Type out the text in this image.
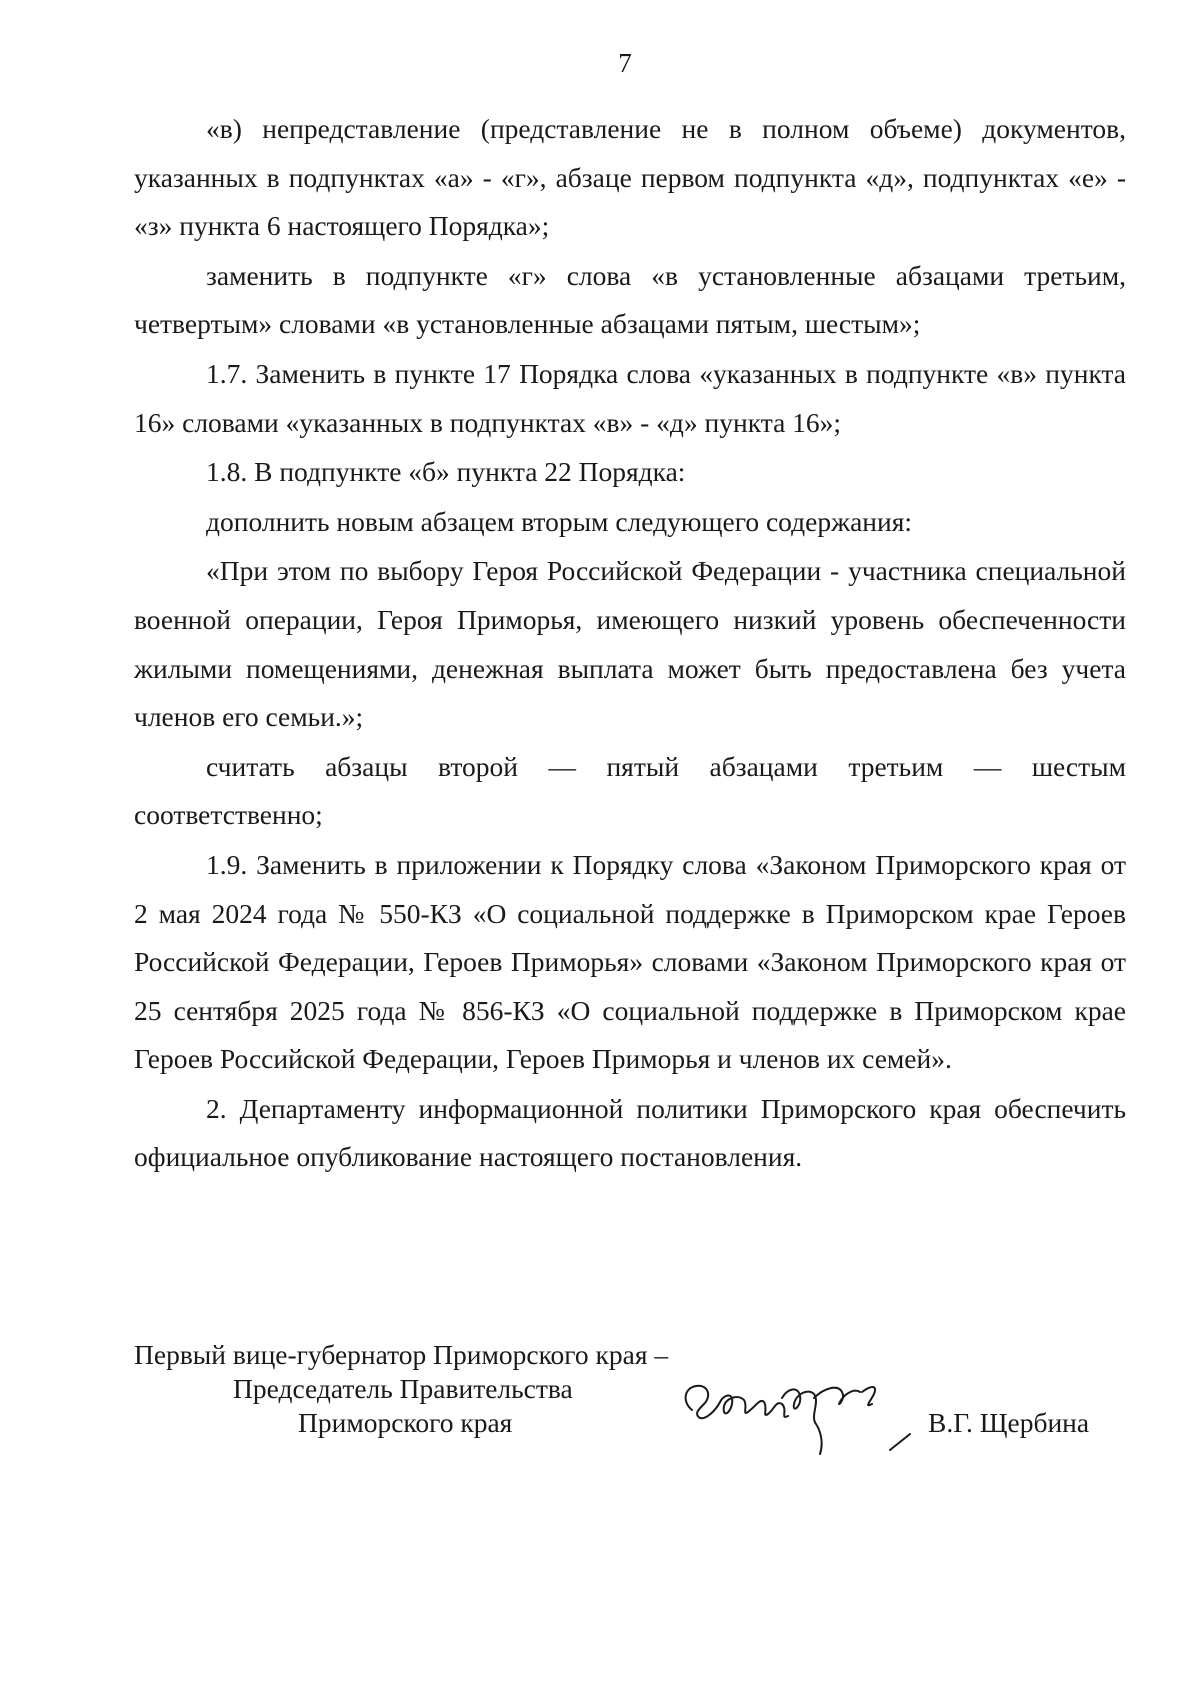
7

«в) непредставление (представление не в полном объеме) документов, указанных в подпунктах «а» - «г», абзаце первом подпункта «д», подпунктах «е» - «з» пункта 6 настоящего Порядка»;

заменить в подпункте «г» слова «в установленные абзацами третьим, четвертым» словами «в установленные абзацами пятым, шестым»;

1.7. Заменить в пункте 17 Порядка слова «указанных в подпункте «в» пункта 16» словами «указанных в подпунктах «в» - «д» пункта 16»;

1.8. В подпункте «б» пункта 22 Порядка:

дополнить новым абзацем вторым следующего содержания:

«При этом по выбору Героя Российской Федерации - участника специальной военной операции, Героя Приморья, имеющего низкий уровень обеспеченности жилыми помещениями, денежная выплата может быть предоставлена без учета членов его семьи.»;

считать абзацы второй — пятый абзацами третьим — шестым соответственно;

1.9. Заменить в приложении к Порядку слова «Законом Приморского края от 2 мая 2024 года № 550-КЗ «О социальной поддержке в Приморском крае Героев Российской Федерации, Героев Приморья» словами «Законом Приморского края от 25 сентября 2025 года № 856-КЗ «О социальной поддержке в Приморском крае Героев Российской Федерации, Героев Приморья и членов их семей».

2. Департаменту информационной политики Приморского края обеспечить официальное опубликование настоящего постановления.

Первый вице-губернатор Приморского края –
Председатель Правительства
Приморского края	В.Г. Щербина
